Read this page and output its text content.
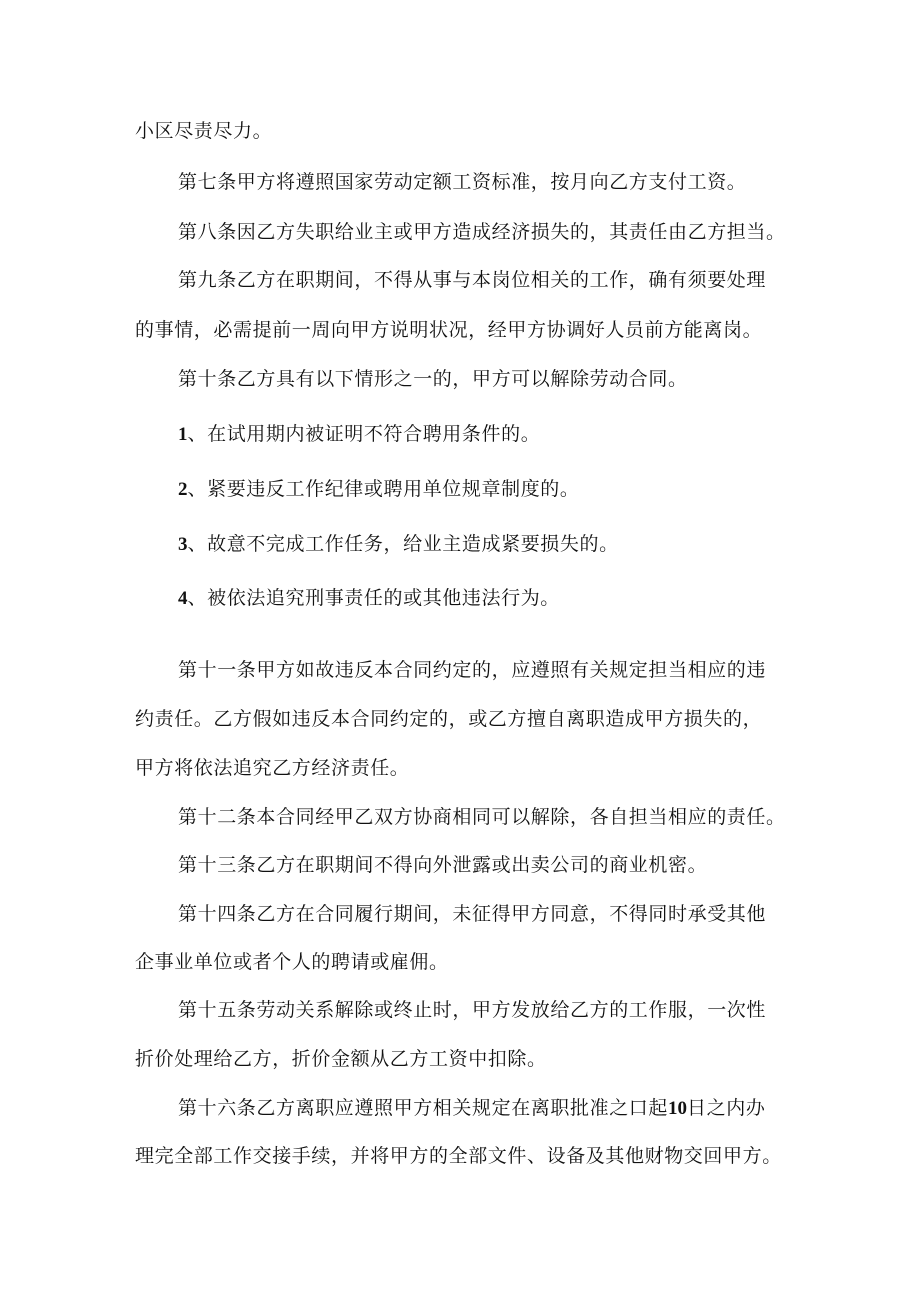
小区尽责尽力。
第七条甲方将遵照国家劳动定额工资标准，按月向乙方支付工资。
第八条因乙方失职给业主或甲方造成经济损失的，其责任由乙方担当。
第九条乙方在职期间，不得从事与本岗位相关的工作，确有须要处理
的事情，必需提前一周向甲方说明状况，经甲方协调好人员前方能离岗。
第十条乙方具有以下情形之一的，甲方可以解除劳动合同。
1、在试用期内被证明不符合聘用条件的。
2、紧要违反工作纪律或聘用单位规章制度的。
3、故意不完成工作任务，给业主造成紧要损失的。
4、被依法追究刑事责任的或其他违法行为。
第十一条甲方如故违反本合同约定的，应遵照有关规定担当相应的违
约责任。乙方假如违反本合同约定的，或乙方擅自离职造成甲方损失的，
甲方将依法追究乙方经济责任。
第十二条本合同经甲乙双方协商相同可以解除，各自担当相应的责任。
第十三条乙方在职期间不得向外泄露或出卖公司的商业机密。
第十四条乙方在合同履行期间，未征得甲方同意，不得同时承受其他
企事业单位或者个人的聘请或雇佣。
第十五条劳动关系解除或终止时，甲方发放给乙方的工作服，一次性
折价处理给乙方，折价金额从乙方工资中扣除。
第十六条乙方离职应遵照甲方相关规定在离职批准之口起10日之内办
理完全部工作交接手续，并将甲方的全部文件、设备及其他财物交回甲方。
